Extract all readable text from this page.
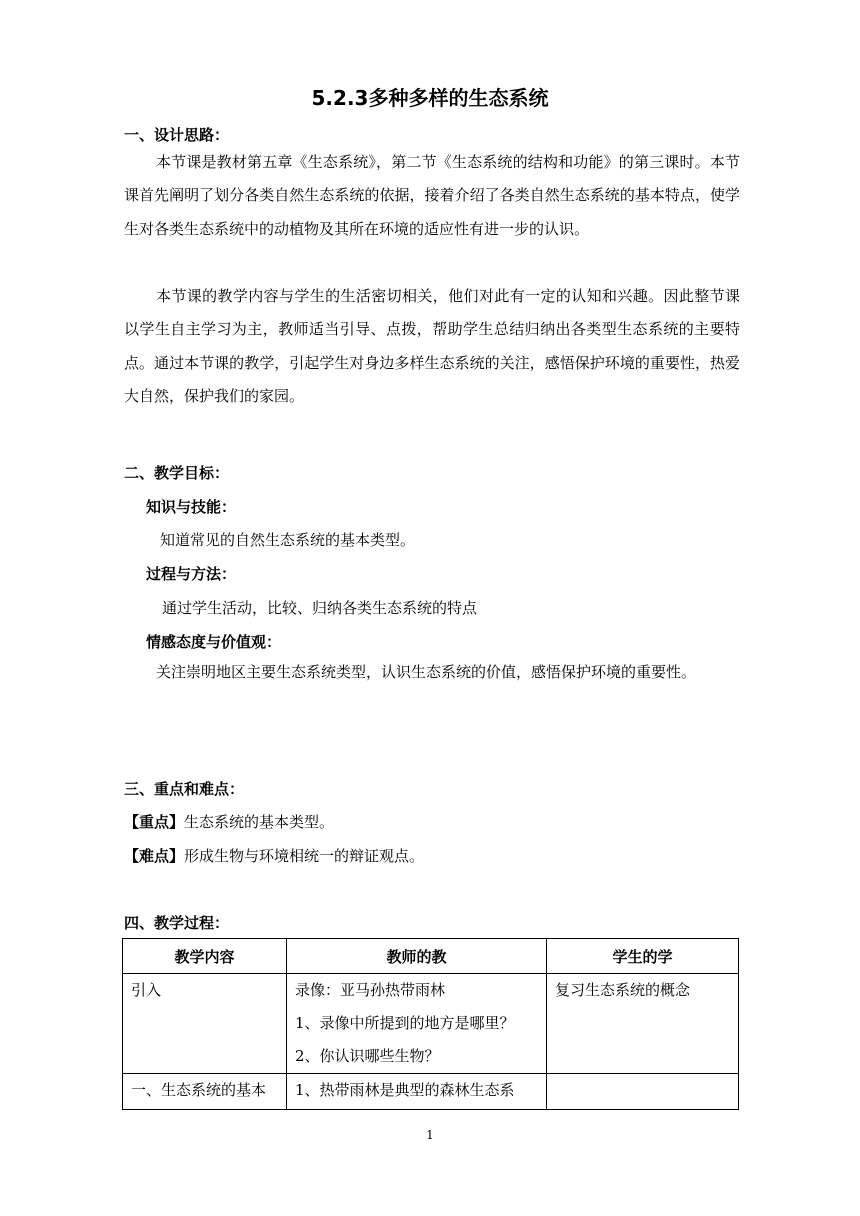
5.2.3多种多样的生态系统
一、设计思路：

本节课是教材第五章《生态系统》，第二节《生态系统的结构和功能》的第三课时。本节课首先阐明了划分各类自然生态系统的依据，接着介绍了各类自然生态系统的基本特点，使学生对各类生态系统中的动植物及其所在环境的适应性有进一步的认识。

本节课的教学内容与学生的生活密切相关，他们对此有一定的认知和兴趣。因此整节课以学生自主学习为主，教师适当引导、点拨，帮助学生总结归纳出各类型生态系统的主要特点。通过本节课的教学，引起学生对身边多样生态系统的关注，感悟保护环境的重要性，热爱大自然，保护我们的家园。

二、教学目标：
知识与技能：
知道常见的自然生态系统的基本类型。
过程与方法：
通过学生活动，比较、归纳各类生态系统的特点
情感态度与价值观：

关注崇明地区主要生态系统类型，认识生态系统的价值，感悟保护环境的重要性。

三、重点和难点：
【重点】生态系统的基本类型。
【难点】形成生物与环境相统一的辩证观点。
四、教学过程：
教学内容	教师的教	学生的学

引入	录像：亚马孙热带雨林
1、录像中所提到的地方是哪里？
2、你认识哪些生物？	复习生态系统的概念

一、生态系统的基本	1、热带雨林是典型的森林生态系	

1
